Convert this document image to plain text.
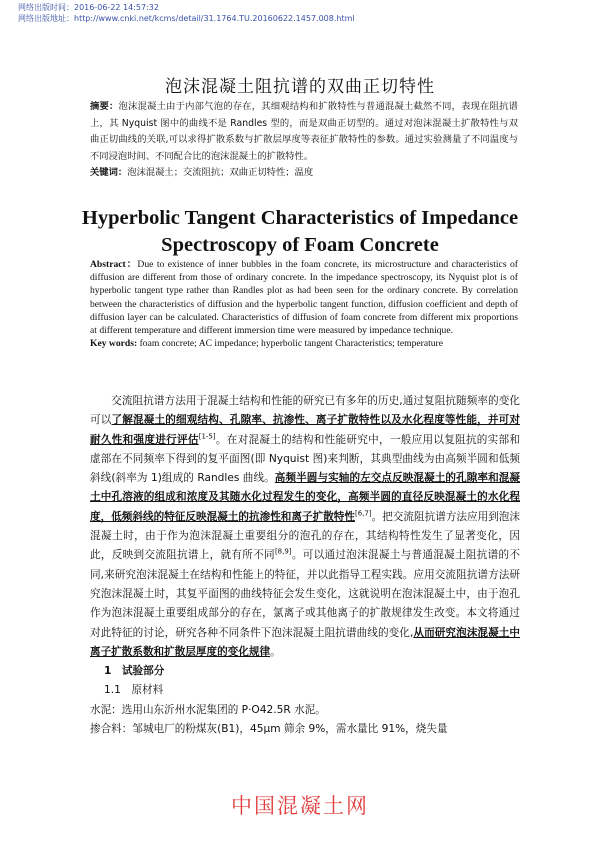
网络出版时间：2016-06-22 14:57:32
网络出版地址：http://www.cnki.net/kcms/detail/31.1764.TU.20160622.1457.008.html
泡沫混凝土阻抗谱的双曲正切特性
摘要：泡沫混凝土由于内部气泡的存在，其细观结构和扩散特性与普通混凝土截然不同，表现在阻抗谱上，其 Nyquist 图中的曲线不是 Randles 型的，而是双曲正切型的。通过对泡沫混凝土扩散特性与双曲正切曲线的关联,可以求得扩散系数与扩散层厚度等表征扩散特性的参数。通过实验测量了不同温度与不同浸泡时间、不同配合比的泡沫混凝土的扩散特性。
关键词：泡沫混凝土；交流阻抗；双曲正切特性；温度
Hyperbolic Tangent Characteristics of Impedance
Spectroscopy of Foam Concrete
Abstract：Due to existence of inner bubbles in the foam concrete, its microstructure and characteristics of diffusion are different from those of ordinary concrete. In the impedance spectroscopy, its Nyquist plot is of hyperbolic tangent type rather than Randles plot as had been seen for the ordinary concrete. By correlation between the characteristics of diffusion and the hyperbolic tangent function, diffusion coefficient and depth of diffusion layer can be calculated. Characteristics of diffusion of foam concrete from different mix proportions at different temperature and different immersion time were measured by impedance technique.
Key words: foam concrete; AC impedance; hyperbolic tangent Characteristics; temperature

交流阻抗谱方法用于混凝土结构和性能的研究已有多年的历史,通过复阻抗随频率的变化可以了解混凝土的细观结构、孔隙率、抗渗性、离子扩散特性以及水化程度等性能，并可对耐久性和强度进行评估[1-5]。在对混凝土的结构和性能研究中，一般应用以复阻抗的实部和虚部在不同频率下得到的复平面图(即 Nyquist 图)来判断，其典型曲线为由高频半圆和低频斜线(斜率为 1)组成的 Randles 曲线。高频半圆与实轴的左交点反映混凝土的孔隙率和混凝土中孔溶液的组成和浓度及其随水化过程发生的变化，高频半圆的直径反映混凝土的水化程度，低频斜线的特征反映混凝土的抗渗性和离子扩散特性[6,7]。把交流阻抗谱方法应用到泡沫混凝土时，由于作为泡沫混凝土重要组分的泡孔的存在，其结构特性发生了显著变化，因此，反映到交流阻抗谱上，就有所不同[8,9]。可以通过泡沫混凝土与普通混凝土阻抗谱的不同,来研究泡沫混凝土在结构和性能上的特征，并以此指导工程实践。应用交流阻抗谱方法研究泡沫混凝土时，其复平面图的曲线特征会发生变化，这就说明在泡沫混凝土中，由于泡孔作为泡沫混凝土重要组成部分的存在，氯离子或其他离子的扩散规律发生改变。本文将通过对此特征的讨论，研究各种不同条件下泡沫混凝土阻抗谱曲线的变化,从而研究泡沫混凝土中离子扩散系数和扩散层厚度的变化规律。

1　试验部分

1.1　原材料

水泥：选用山东沂州水泥集团的 P·O42.5R 水泥。

掺合料：邹城电厂的粉煤灰(B1)，45μm 筛余 9%，需水量比 91%，烧失量

中国混凝土网
